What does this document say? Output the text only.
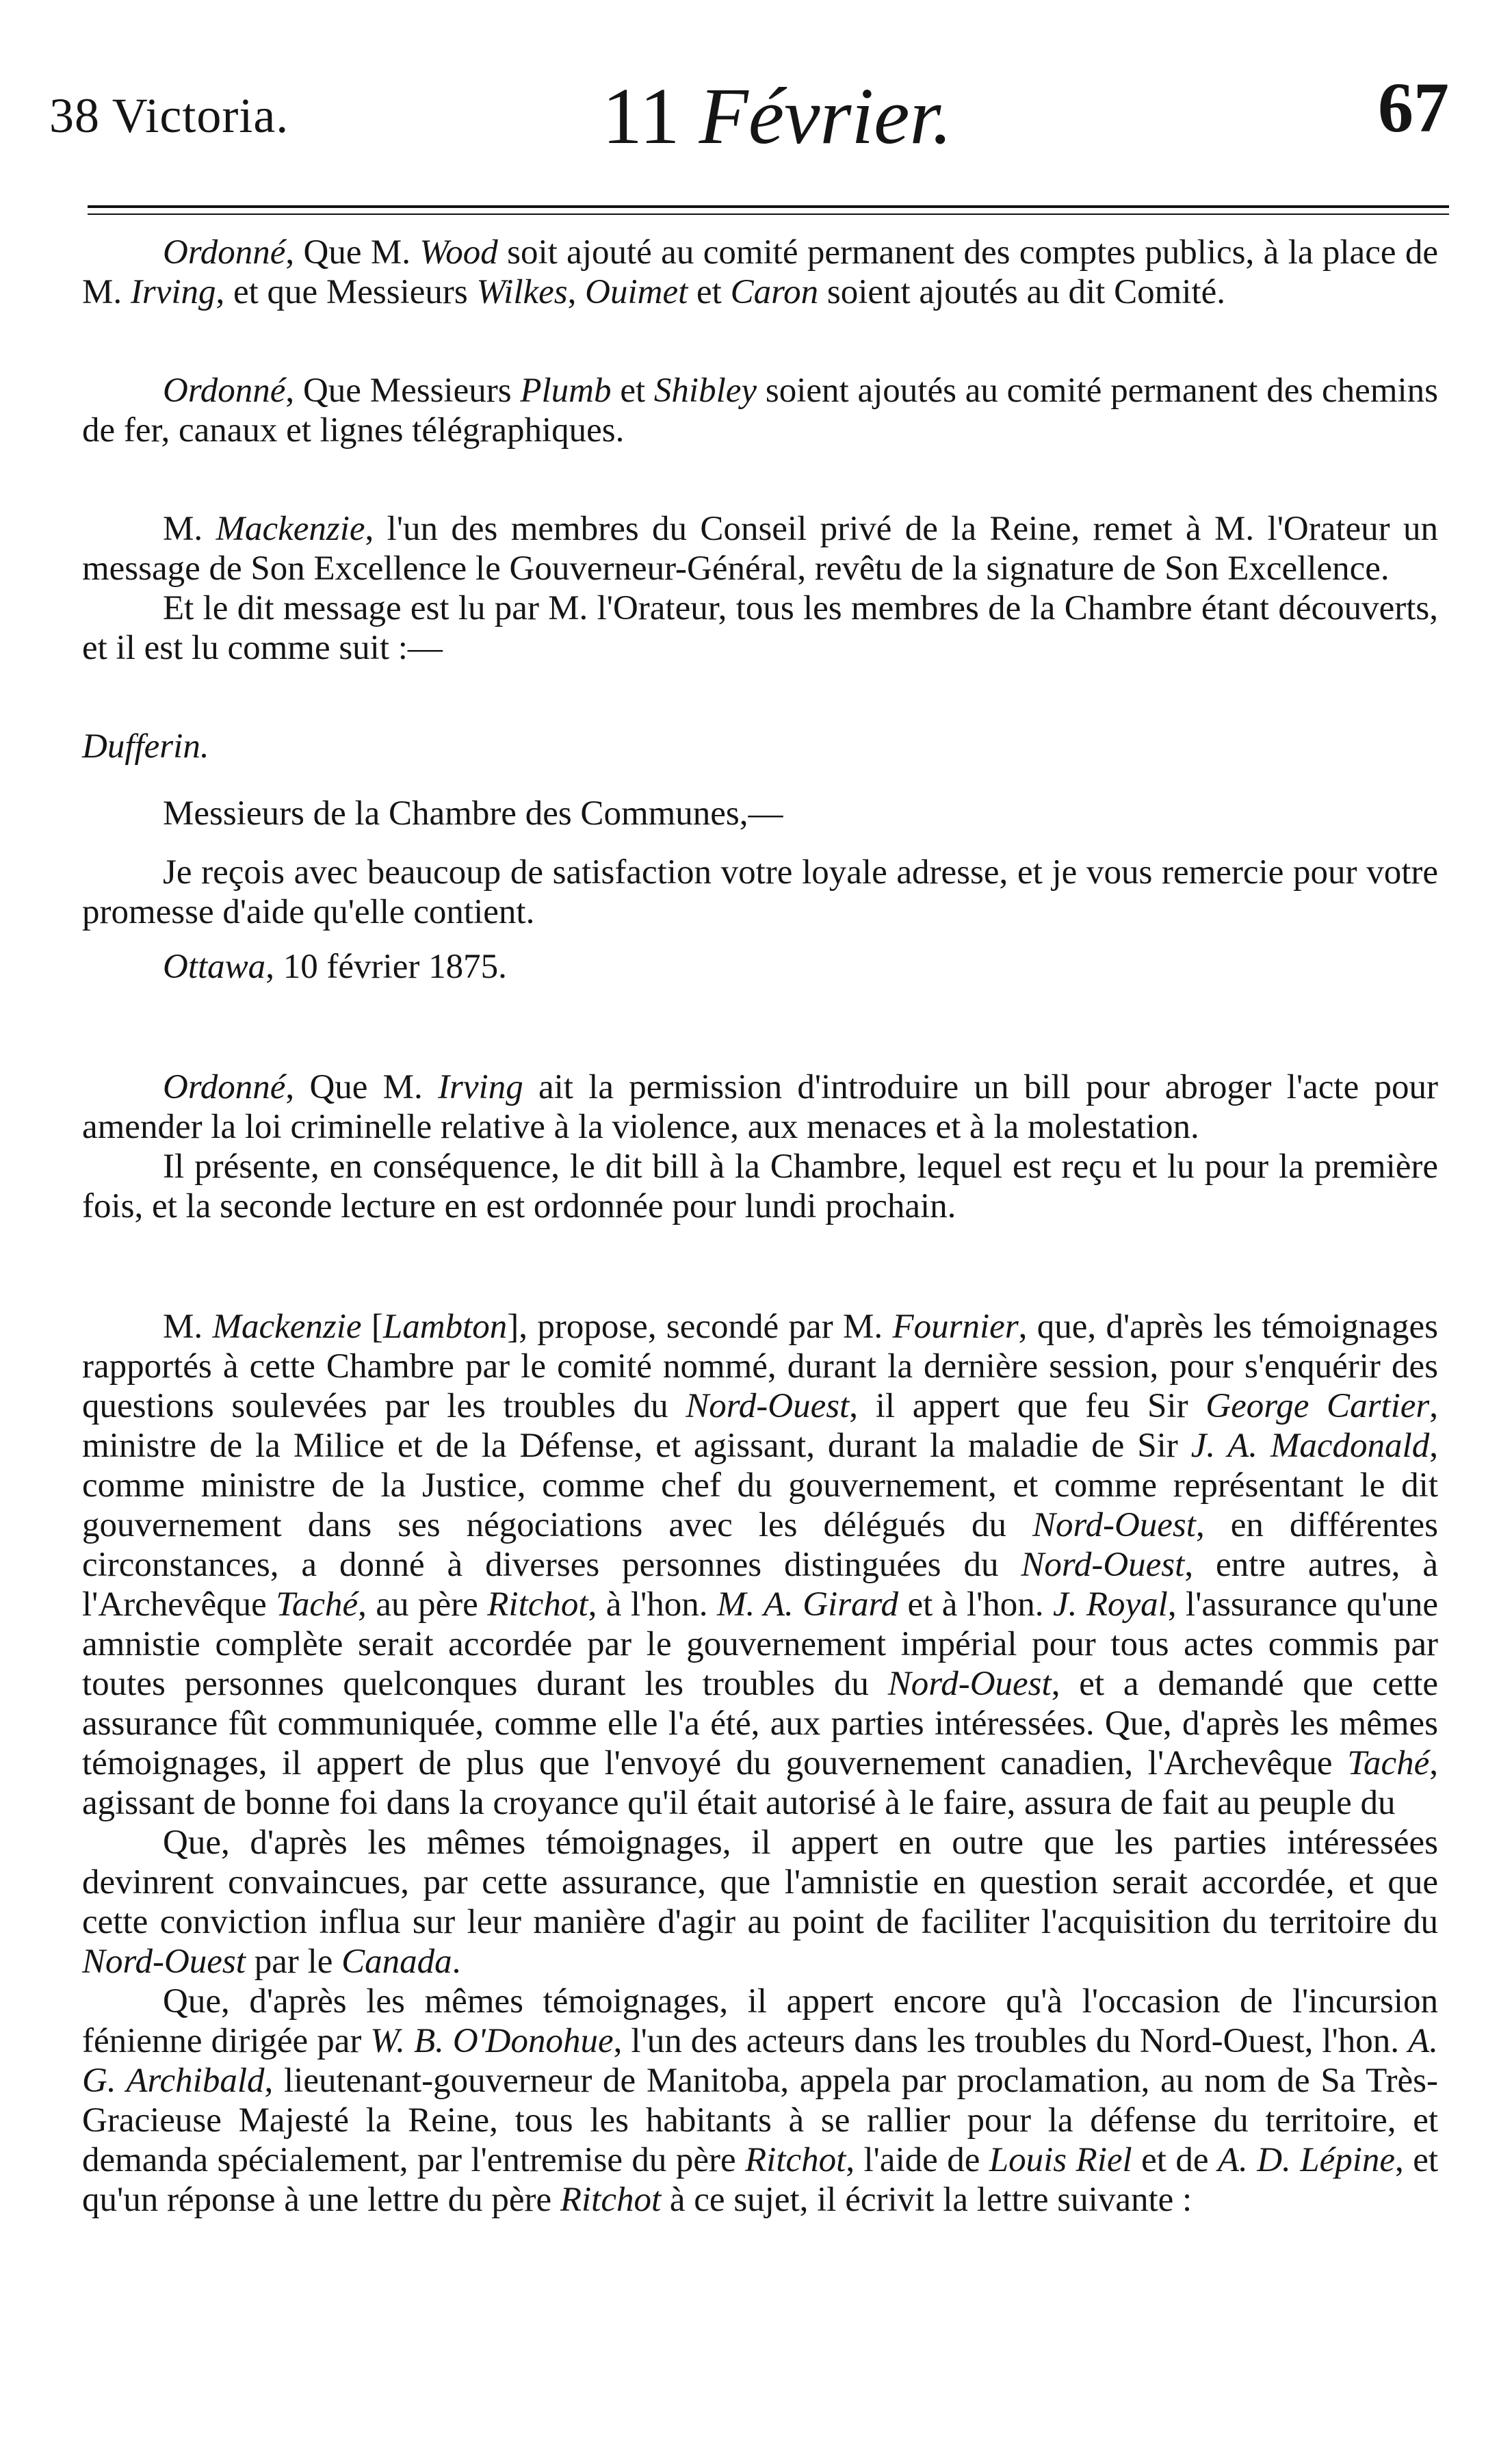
38 Victoria.	11 Février.	67

Ordonné, Que M. Wood soit ajouté au comité permanent des comptes publics, à la place de M. Irving, et que Messieurs Wilkes, Ouimet et Caron soient ajoutés au dit Comité.

Ordonné, Que Messieurs Plumb et Shibley soient ajoutés au comité permanent des chemins de fer, canaux et lignes télégraphiques.

M. Mackenzie, l'un des membres du Conseil privé de la Reine, remet à M. l'Orateur un message de Son Excellence le Gouverneur-Général, revêtu de la signature de Son Excellence.

Et le dit message est lu par M. l'Orateur, tous les membres de la Chambre étant découverts, et il est lu comme suit :—

Dufferin.

Messieurs de la Chambre des Communes,—

Je reçois avec beaucoup de satisfaction votre loyale adresse, et je vous remercie pour votre promesse d'aide qu'elle contient.

Ottawa, 10 février 1875.

Ordonné, Que M. Irving ait la permission d'introduire un bill pour abroger l'acte pour amender la loi criminelle relative à la violence, aux menaces et à la molestation.

Il présente, en conséquence, le dit bill à la Chambre, lequel est reçu et lu pour la première fois, et la seconde lecture en est ordonnée pour lundi prochain.

M. Mackenzie [Lambton], propose, secondé par M. Fournier, que, d'après les témoignages rapportés à cette Chambre par le comité nommé, durant la dernière session, pour s'enquérir des questions soulevées par les troubles du Nord-Ouest, il appert que feu Sir George Cartier, ministre de la Milice et de la Défense, et agissant, durant la maladie de Sir J. A. Macdonald, comme ministre de la Justice, comme chef du gouvernement, et comme représentant le dit gouvernement dans ses négociations avec les délégués du Nord-Ouest, en différentes circonstances, a donné à diverses personnes distinguées du Nord-Ouest, entre autres, à l'Archevêque Taché, au père Ritchot, à l'hon. M. A. Girard et à l'hon. J. Royal, l'assurance qu'une amnistie complète serait accordée par le gouvernement impérial pour tous actes commis par toutes personnes quelconques durant les troubles du Nord-Ouest, et a demandé que cette assurance fût communiquée, comme elle l'a été, aux parties intéressées. Que, d'après les mêmes témoignages, il appert de plus que l'envoyé du gouvernement canadien, l'Archevêque Taché, agissant de bonne foi dans la croyance qu'il était autorisé à le faire, assura de fait au peuple du

Que, d'après les mêmes témoignages, il appert en outre que les parties intéressées devinrent convaincues, par cette assurance, que l'amnistie en question serait accordée, et que cette conviction influa sur leur manière d'agir au point de faciliter l'acquisition du territoire du Nord-Ouest par le Canada.

Que, d'après les mêmes témoignages, il appert encore qu'à l'occasion de l'incursion fénienne dirigée par W. B. O'Donohue, l'un des acteurs dans les troubles du Nord-Ouest, l'hon. A. G. Archibald, lieutenant-gouverneur de Manitoba, appela par proclamation, au nom de Sa Très-Gracieuse Majesté la Reine, tous les habitants à se rallier pour la défense du territoire, et demanda spécialement, par l'entremise du père Ritchot, l'aide de Louis Riel et de A. D. Lépine, et qu'un réponse à une lettre du père Ritchot à ce sujet, il écrivit la lettre suivante :
